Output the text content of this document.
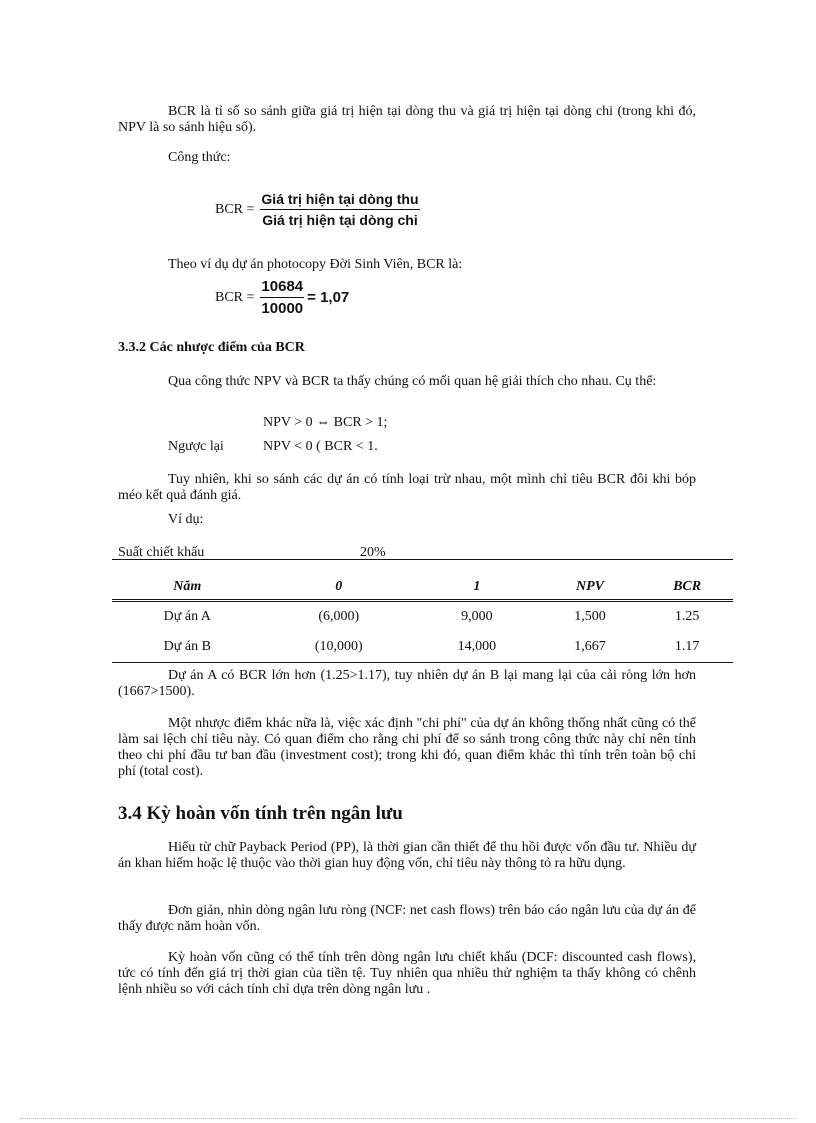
BCR là tỉ số so sánh giữa giá trị hiện tại dòng thu và giá trị hiện tại dòng chi (trong khi đó, NPV là so sánh hiệu số).
Công thức:
BCR = $\frac{\text{Giá trị hiện tại dòng thu}}{\text{Giá trị hiện tại dòng chi}}$
Theo ví dụ dự án photocopy Đời Sinh Viên, BCR là:
BCR = $\frac{10684}{10000} = 1,07$
3.3.2 Các nhược điểm của BCR
Qua công thức NPV và BCR ta thấy chúng có mối quan hệ giải thích cho nhau. Cụ thể:
NPV > 0 ⇔ BCR > 1;
Ngược lại	NPV < 0 ( BCR < 1.
Tuy nhiên, khi so sánh các dự án có tính loại trừ nhau, một mình chỉ tiêu BCR đôi khi bóp méo kết quả đánh giá.
Ví dụ:
Suất chiết khấu	20%
Năm	0	1	NPV	BCR
Dự án A	(6,000)	9,000	1,500	1.25
Dự án B	(10,000)	14,000	1,667	1.17
Dự án A có BCR lớn hơn (1.25>1.17), tuy nhiên dự án B lại mang lại của cải ròng lớn hơn (1667>1500).
Một nhược điểm khác nữa là, việc xác định "chi phí" của dự án không thống nhất cũng có thể làm sai lệch chỉ tiêu này. Có quan điểm cho rằng chi phí để so sánh trong công thức này chỉ nên tính theo chi phí đầu tư ban đầu (investment cost); trong khi đó, quan điểm khác thì tính trên toàn bộ chi phí (total cost).
3.4 Kỳ hoàn vốn tính trên ngân lưu
Hiểu từ chữ Payback Period (PP), là thời gian cần thiết để thu hồi được vốn đầu tư. Nhiều dự án khan hiếm hoặc lệ thuộc vào thời gian huy động vốn, chỉ tiêu này thông tỏ ra hữu dụng.
Đơn giản, nhìn dòng ngân lưu ròng (NCF: net cash flows) trên báo cáo ngân lưu của dự án để thấy được năm hoàn vốn.
Kỳ hoàn vốn cũng có thể tính trên dòng ngân lưu chiết khấu (DCF: discounted cash flows), tức có tính đến giá trị thời gian của tiền tệ. Tuy nhiên qua nhiều thử nghiệm ta thấy không có chênh lệnh nhiều so với cách tính chỉ dựa trên dòng ngân lưu .
